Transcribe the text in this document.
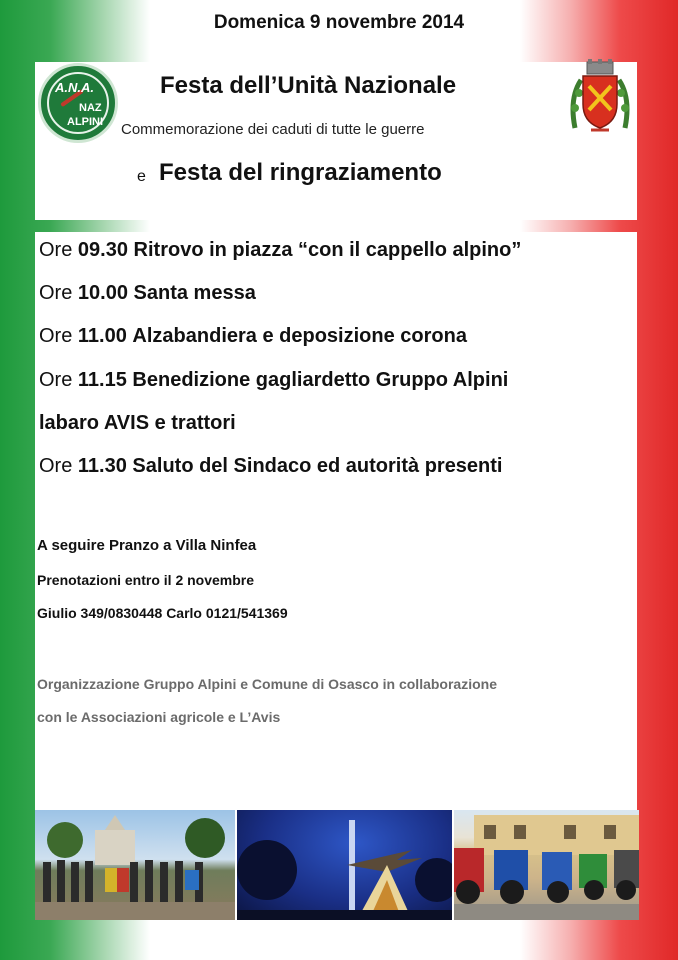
Domenica 9 novembre 2014
A.N.A.
NAZ
ALPINI
Festa dell’Unità Nazionale
Commemorazione dei caduti di tutte le guerre
e Festa del ringraziamento
Ore 09.30 Ritrovo in piazza “con il cappello alpino”
Ore 10.00 Santa messa
Ore 11.00 Alzabandiera e deposizione corona
Ore 11.15 Benedizione gagliardetto Gruppo Alpini
labaro AVIS e trattori
Ore 11.30 Saluto del Sindaco ed autorità presenti
A seguire Pranzo a Villa Ninfea
Prenotazioni entro il 2 novembre
Giulio 349/0830448 Carlo 0121/541369
Organizzazione Gruppo Alpini e Comune di Osasco in collaborazione
con le Associazioni agricole e L’Avis
